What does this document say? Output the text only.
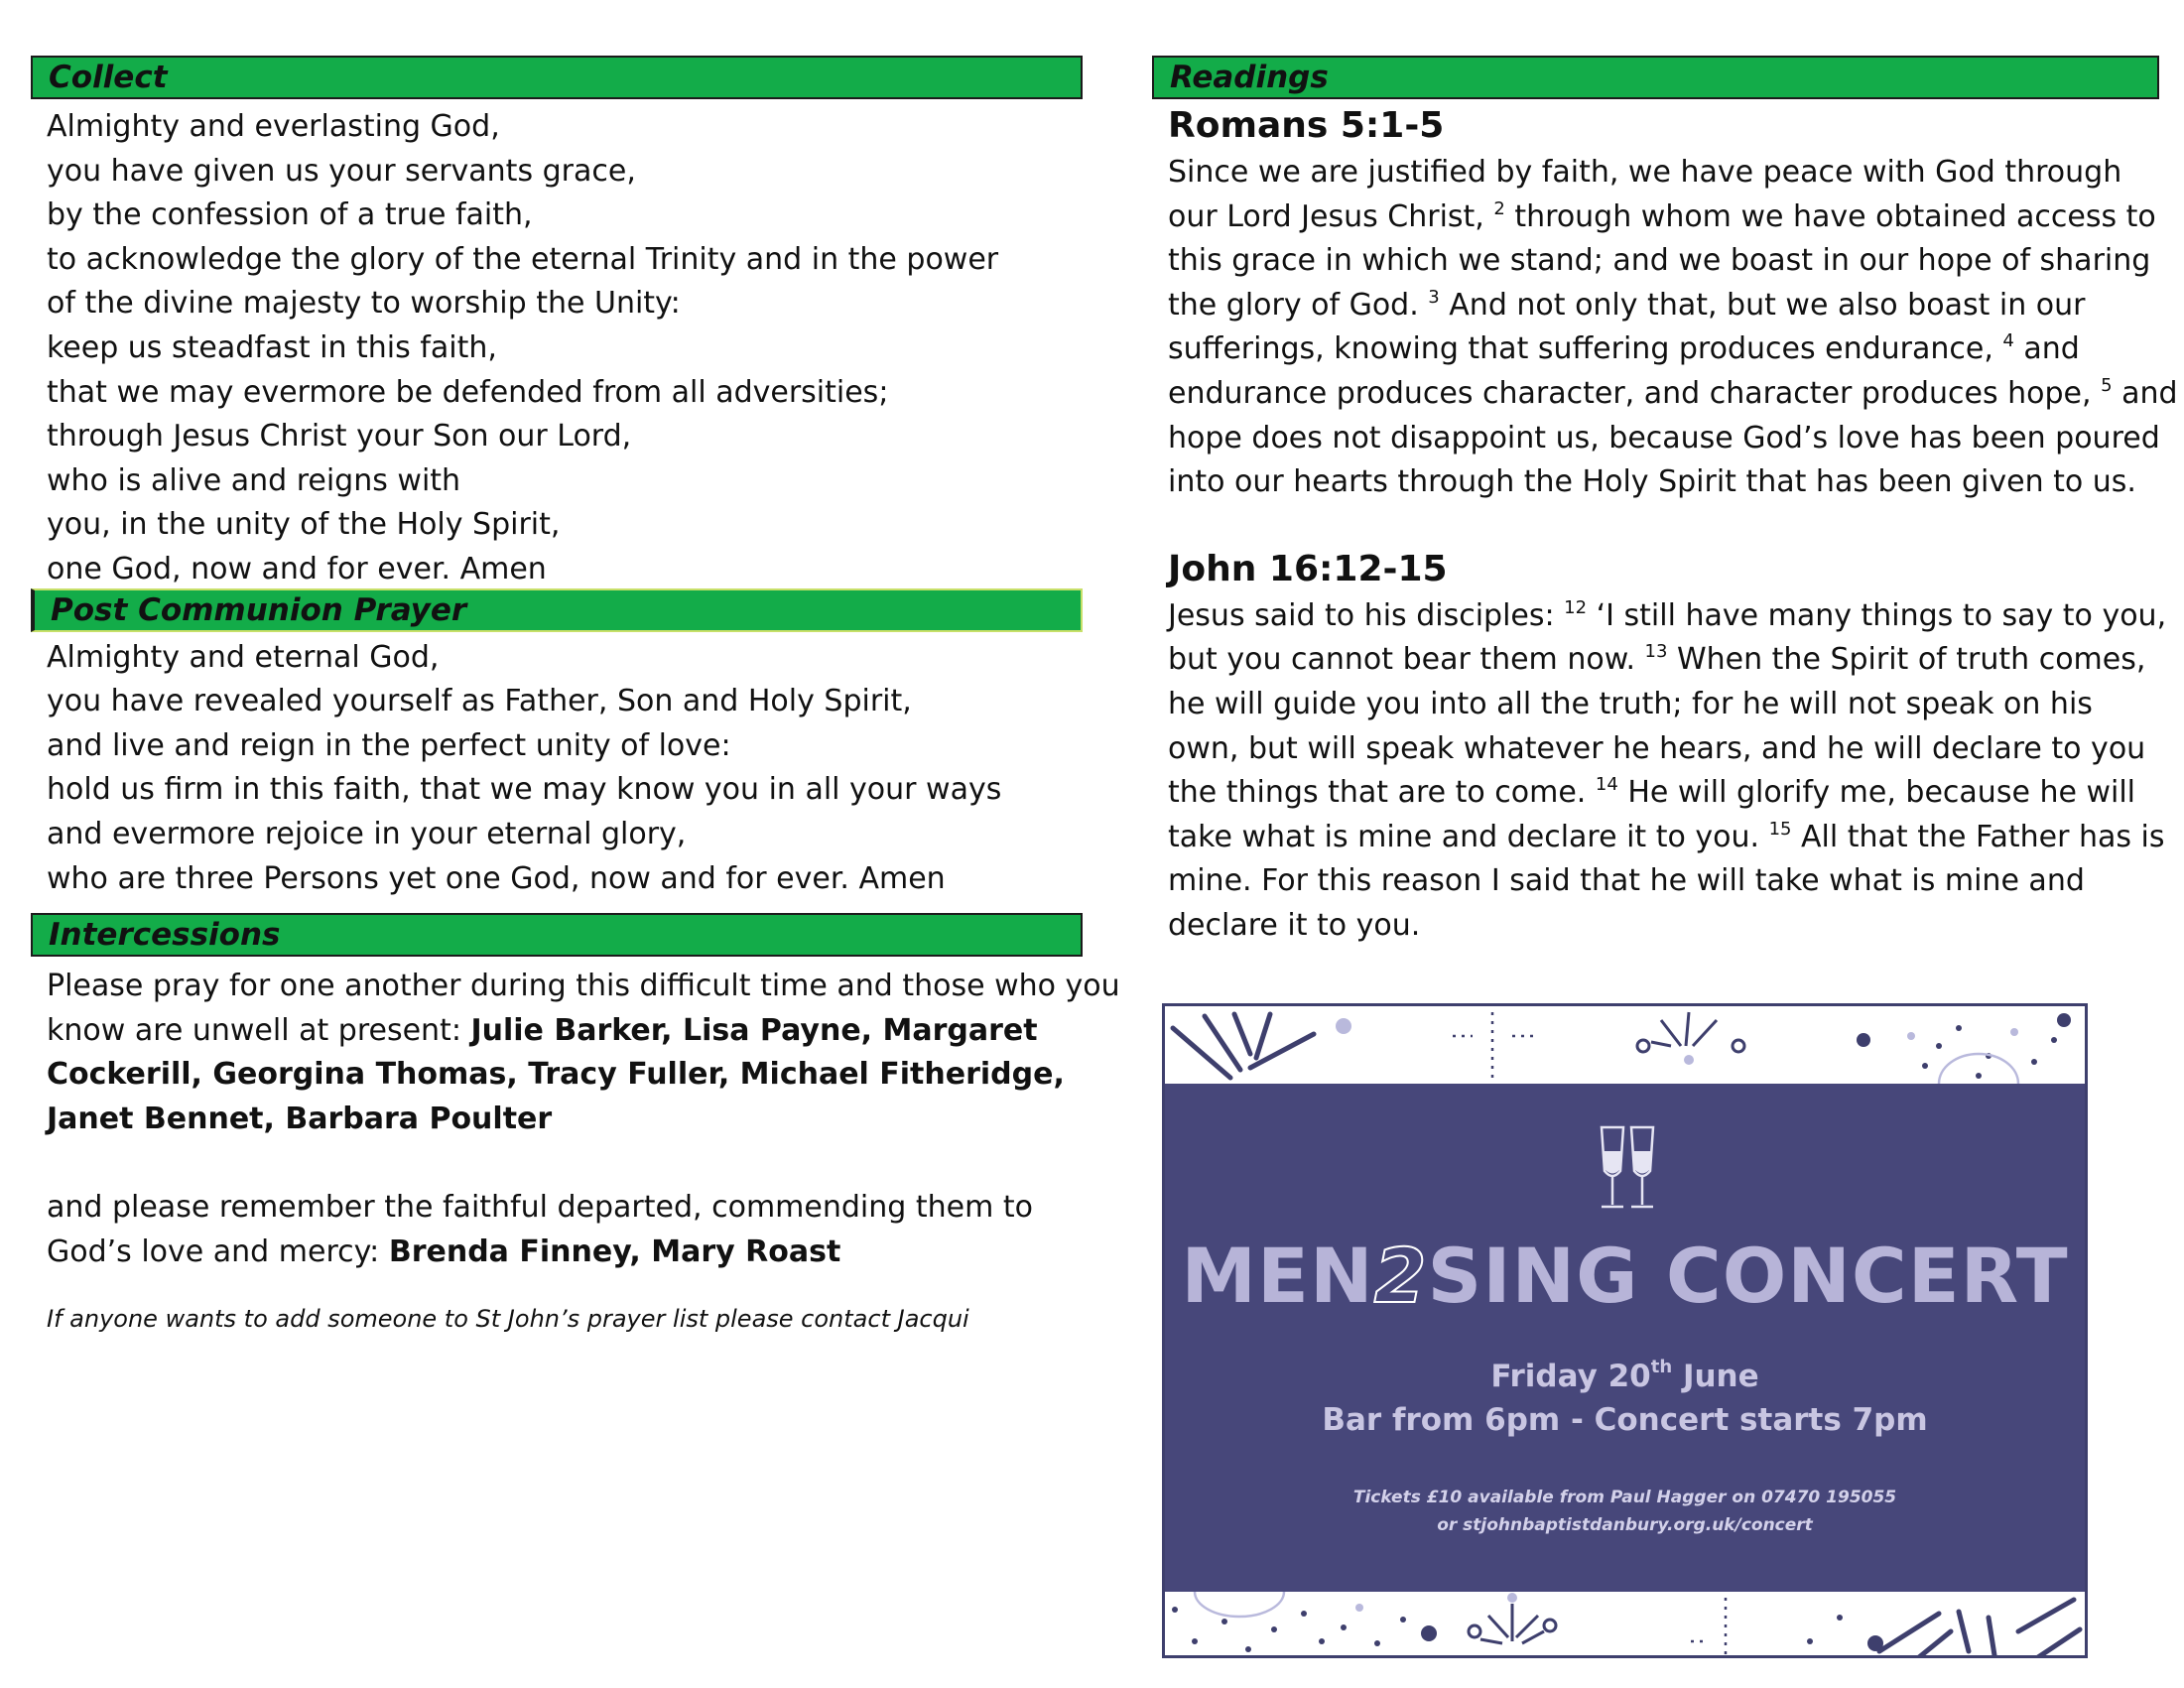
Collect
Almighty and everlasting God,
you have given us your servants grace,
by the confession of a true faith,
to acknowledge the glory of the eternal Trinity and in the power
of the divine majesty to worship the Unity:
keep us steadfast in this faith,
that we may evermore be defended from all adversities;
through Jesus Christ your Son our Lord,
who is alive and reigns with
you, in the unity of the Holy Spirit,
one God, now and for ever. Amen
Post Communion Prayer
Almighty and eternal God,
you have revealed yourself as Father, Son and Holy Spirit,
and live and reign in the perfect unity of love:
hold us firm in this faith, that we may know you in all your ways
and evermore rejoice in your eternal glory,
who are three Persons yet one God, now and for ever. Amen
Intercessions
Please pray for one another during this difficult time and those who you
know are unwell at present: Julie Barker, Lisa Payne, Margaret
Cockerill, Georgina Thomas, Tracy Fuller, Michael Fitheridge,
Janet Bennet, Barbara Poulter

and please remember the faithful departed, commending them to
God’s love and mercy: Brenda Finney, Mary Roast
If anyone wants to add someone to St John’s prayer list please contact Jacqui
Readings
Romans 5:1-5
Since we are justified by faith, we have peace with God through
our Lord Jesus Christ, $^2$ through whom we have obtained access to
this grace in which we stand; and we boast in our hope of sharing
the glory of God. $^3$ And not only that, but we also boast in our
sufferings, knowing that suffering produces endurance, $^4$ and
endurance produces character, and character produces hope, $^5$ and
hope does not disappoint us, because God’s love has been poured
into our hearts through the Holy Spirit that has been given to us.
John 16:12-15
Jesus said to his disciples: $^{12}$ ‘I still have many things to say to you,
but you cannot bear them now. $^{13}$ When the Spirit of truth comes,
he will guide you into all the truth; for he will not speak on his
own, but will speak whatever he hears, and he will declare to you
the things that are to come. $^{14}$ He will glorify me, because he will
take what is mine and declare it to you. $^{15}$ All that the Father has is
mine. For this reason I said that he will take what is mine and
declare it to you.
MEN2SING CONCERT
Friday 20th June
Bar from 6pm - Concert starts 7pm
Tickets £10 available from Paul Hagger on 07470 195055
or stjohnbaptistdanbury.org.uk/concert
